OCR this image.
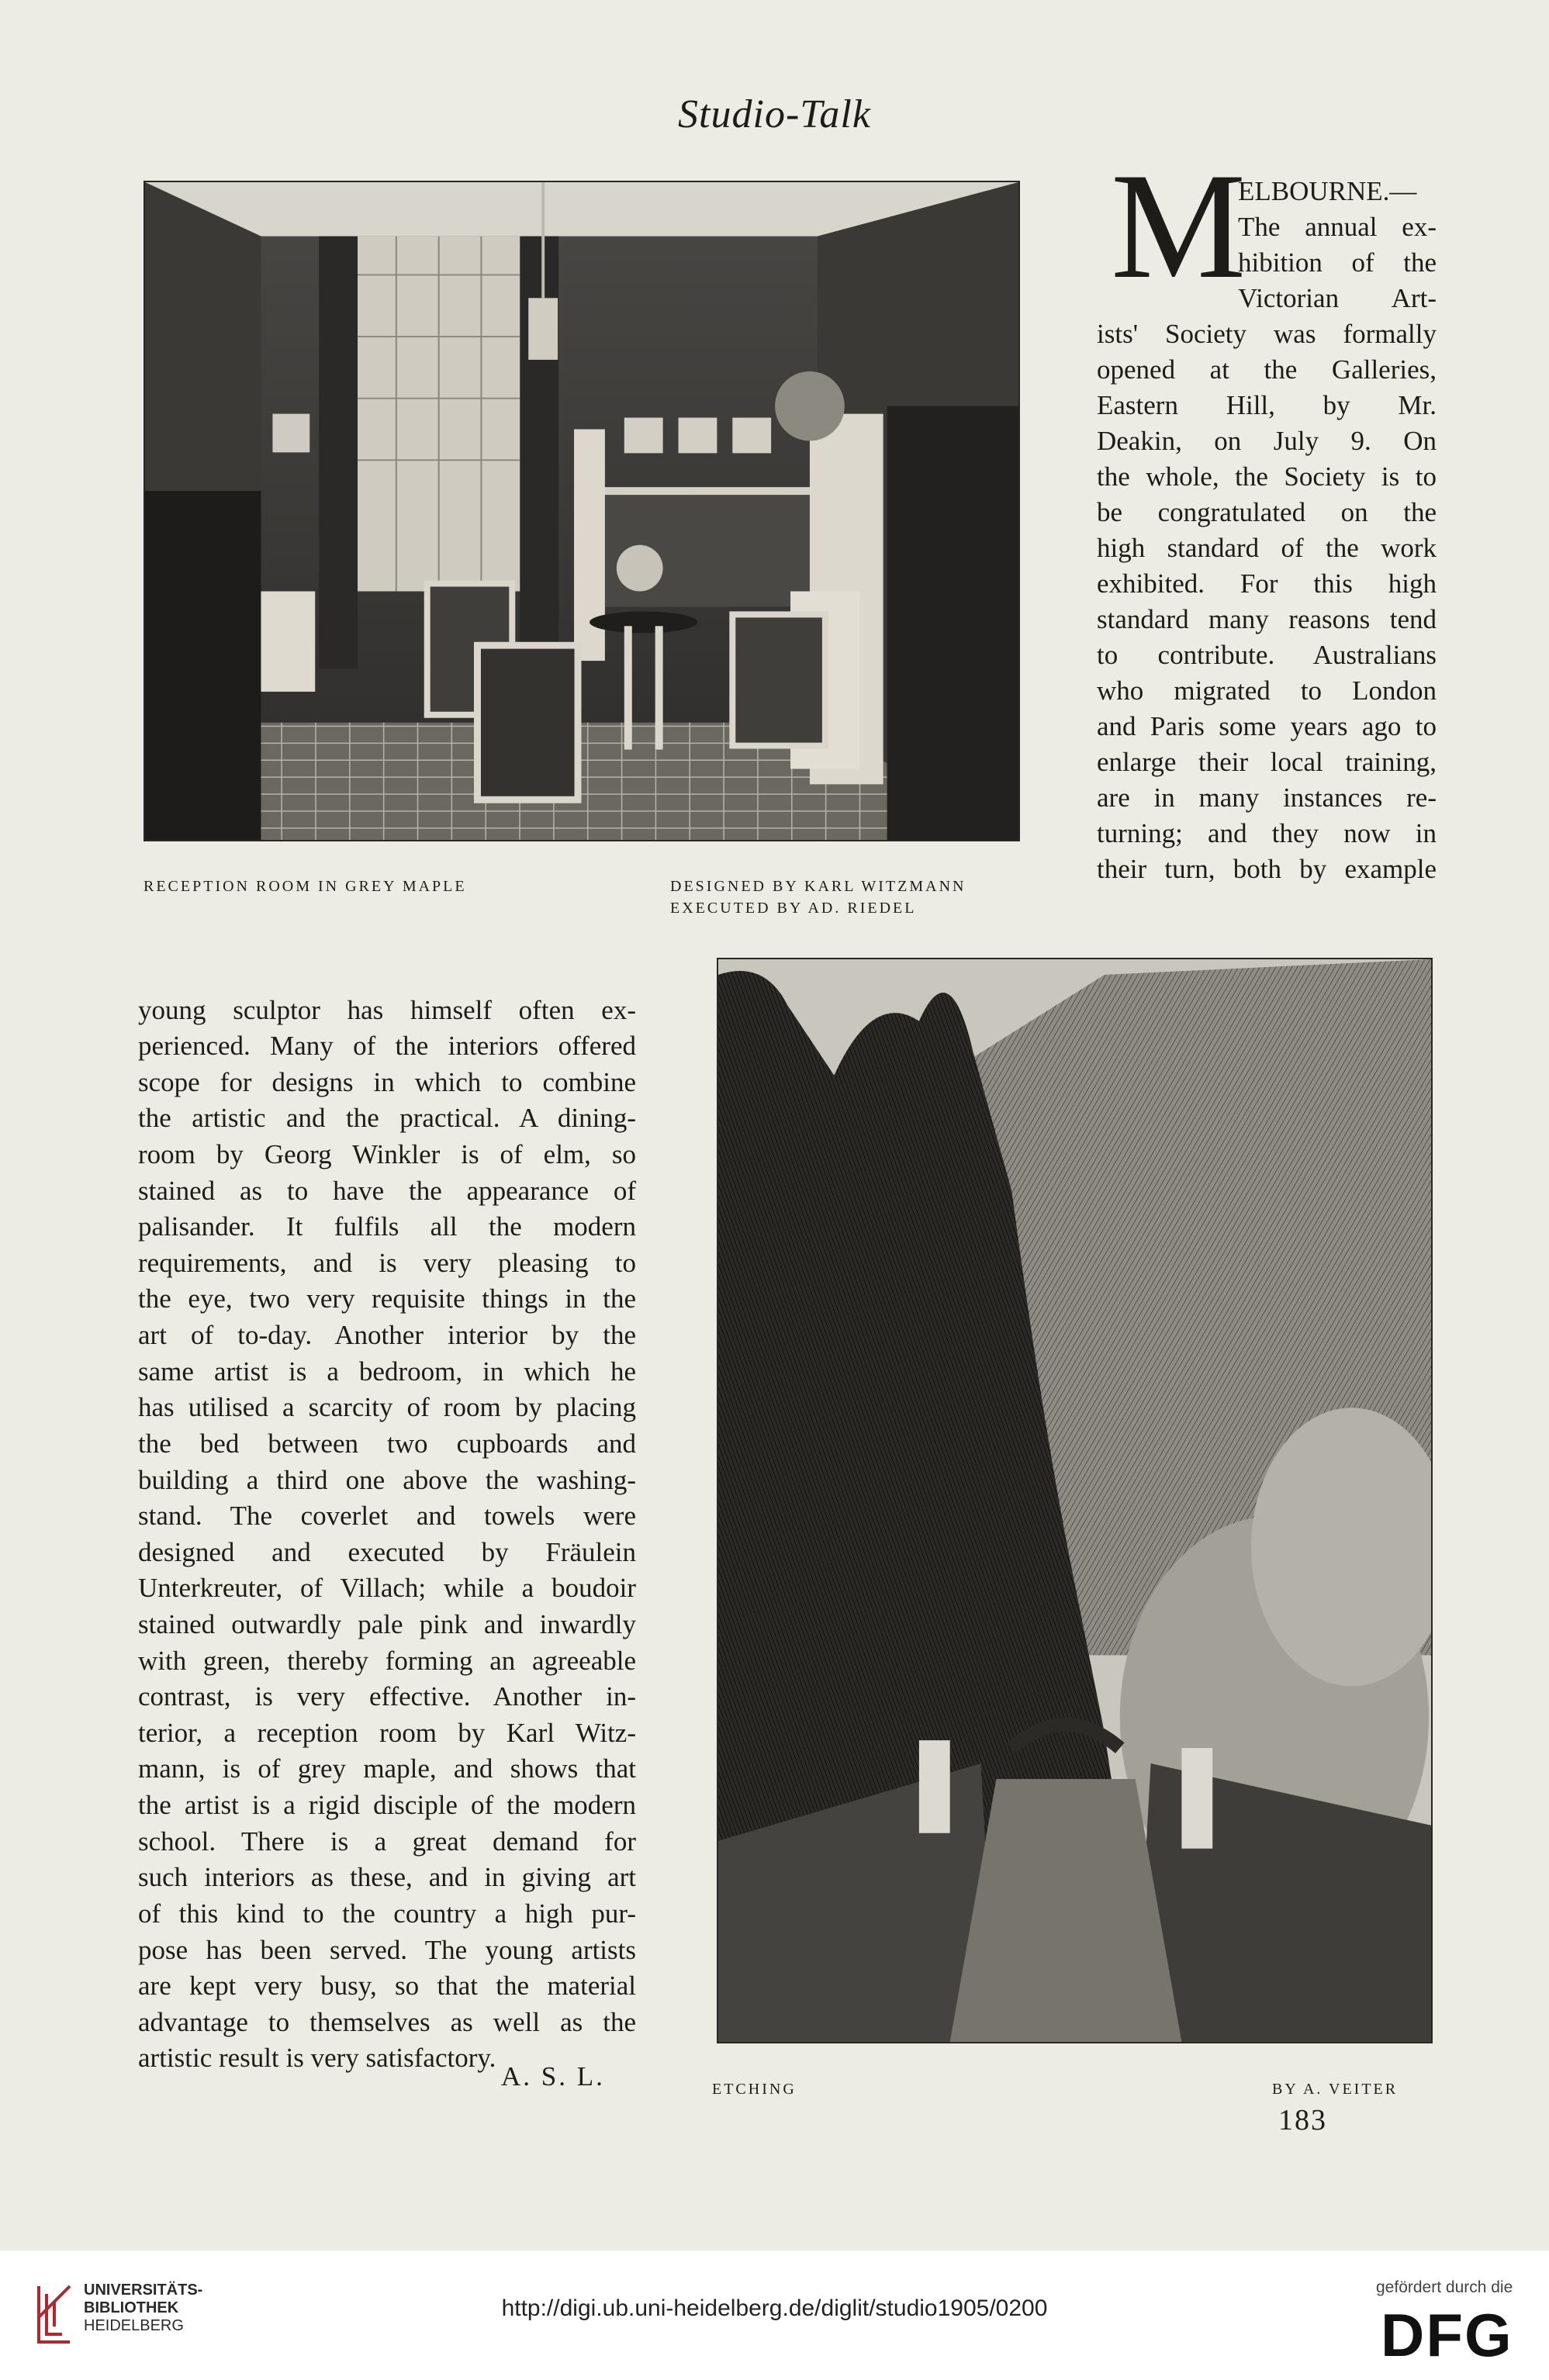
Studio-Talk
RECEPTION ROOM IN GREY MAPLE	DESIGNED BY KARL WITZMANN
EXECUTED BY AD. RIEDEL
M
ELBOURNE.—
The annual ex-
hibition of the
Victorian Art-
ists' Society was formally
opened at the Galleries,
Eastern Hill, by Mr.
Deakin, on July 9. On
the whole, the Society is to
be congratulated on the
high standard of the work
exhibited. For this high
standard many reasons tend
to contribute. Australians
who migrated to London
and Paris some years ago to
enlarge their local training,
are in many instances re-
turning; and they now in
their turn, both by example
young sculptor has himself often ex-
perienced. Many of the interiors offered
scope for designs in which to combine
the artistic and the practical. A dining-
room by Georg Winkler is of elm, so
stained as to have the appearance of
palisander. It fulfils all the modern
requirements, and is very pleasing to
the eye, two very requisite things in the
art of to-day. Another interior by the
same artist is a bedroom, in which he
has utilised a scarcity of room by placing
the bed between two cupboards and
building a third one above the washing-
stand. The coverlet and towels were
designed and executed by Fräulein
Unterkreuter, of Villach; while a boudoir
stained outwardly pale pink and inwardly
with green, thereby forming an agreeable
contrast, is very effective. Another in-
terior, a reception room by Karl Witz-
mann, is of grey maple, and shows that
the artist is a rigid disciple of the modern
school. There is a great demand for
such interiors as these, and in giving art
of this kind to the country a high pur-
pose has been served. The young artists
are kept very busy, so that the material
advantage to themselves as well as the
artistic result is very satisfactory.
A. S. L.	ETCHING	BY A. VEITER
183
UNIVERSITÄTS-
BIBLIOTHEK
HEIDELBERG
http://digi.ub.uni-heidelberg.de/diglit/studio1905/0200
gefördert durch die
DFG
